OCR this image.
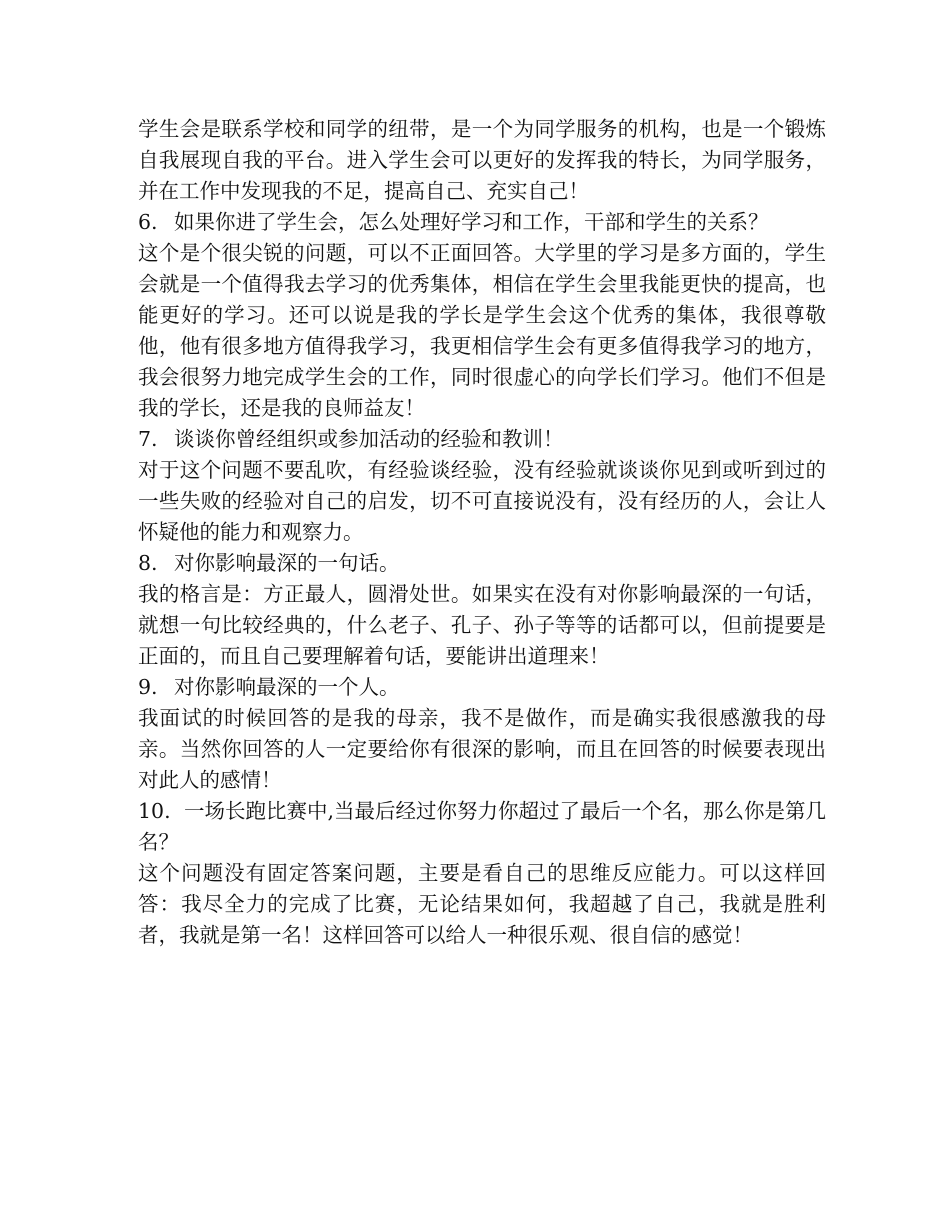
学生会是联系学校和同学的纽带，是一个为同学服务的机构，也是一个锻炼自我展现自我的平台。进入学生会可以更好的发挥我的特长，为同学服务，并在工作中发现我的不足，提高自己、充实自己！

6. 如果你进了学生会，怎么处理好学习和工作，干部和学生的关系？

这个是个很尖锐的问题，可以不正面回答。大学里的学习是多方面的，学生会就是一个值得我去学习的优秀集体，相信在学生会里我能更快的提高，也能更好的学习。还可以说是我的学长是学生会这个优秀的集体，我很尊敬他，他有很多地方值得我学习，我更相信学生会有更多值得我学习的地方，我会很努力地完成学生会的工作，同时很虚心的向学长们学习。他们不但是我的学长，还是我的良师益友！

7. 谈谈你曾经组织或参加活动的经验和教训！

对于这个问题不要乱吹，有经验谈经验，没有经验就谈谈你见到或听到过的一些失败的经验对自己的启发，切不可直接说没有，没有经历的人，会让人怀疑他的能力和观察力。

8. 对你影响最深的一句话。

我的格言是：方正最人，圆滑处世。如果实在没有对你影响最深的一句话，就想一句比较经典的，什么老子、孔子、孙子等等的话都可以，但前提要是正面的，而且自己要理解着句话，要能讲出道理来！

9. 对你影响最深的一个人。

我面试的时候回答的是我的母亲，我不是做作，而是确实我很感激我的母亲。当然你回答的人一定要给你有很深的影响，而且在回答的时候要表现出对此人的感情！

10. 一场长跑比赛中,当最后经过你努力你超过了最后一个名，那么你是第几名？

这个问题没有固定答案问题，主要是看自己的思维反应能力。可以这样回答：我尽全力的完成了比赛，无论结果如何，我超越了自己，我就是胜利者，我就是第一名！这样回答可以给人一种很乐观、很自信的感觉！
